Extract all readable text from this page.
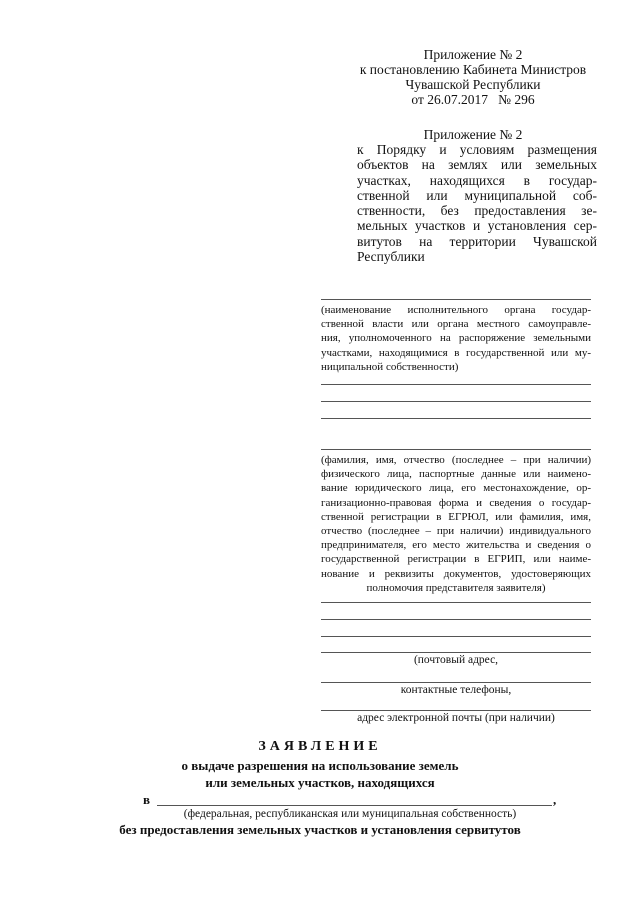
Приложение № 2
к постановлению Кабинета Министров
Чувашской Республики
от 26.07.2017   № 296
Приложение № 2
к Порядку и условиям размещения
объектов на землях или земельных
участках, находящихся в государ-
ственной или муниципальной соб-
ственности, без предоставления зе-
мельных участков и установления сер-
витутов на территории Чувашской
Республики
(наименование исполнительного органа государ-
ственной власти или органа местного самоуправле-
ния, уполномоченного на распоряжение земельными
участками, находящимися в государственной или му-
ниципальной собственности)
(фамилия, имя, отчество (последнее – при наличии)
физического лица, паспортные данные или наимено-
вание юридического лица, его местонахождение, ор-
ганизационно-правовая форма и сведения о государ-
ственной регистрации в ЕГРЮЛ, или фамилия, имя,
отчество (последнее – при наличии) индивидуального
предпринимателя, его место жительства и сведения о
государственной регистрации в ЕГРИП, или наиме-
нование и реквизиты документов, удостоверяющих
полномочия представителя заявителя)
(почтовый адрес,
контактные телефоны,
адрес электронной почты (при наличии)
ЗАЯВЛЕНИЕ
о выдаче разрешения на использование земель
или земельных участков, находящихся
в	,
(федеральная, республиканская или муниципальная собственность)
без предоставления земельных участков и установления сервитутов
